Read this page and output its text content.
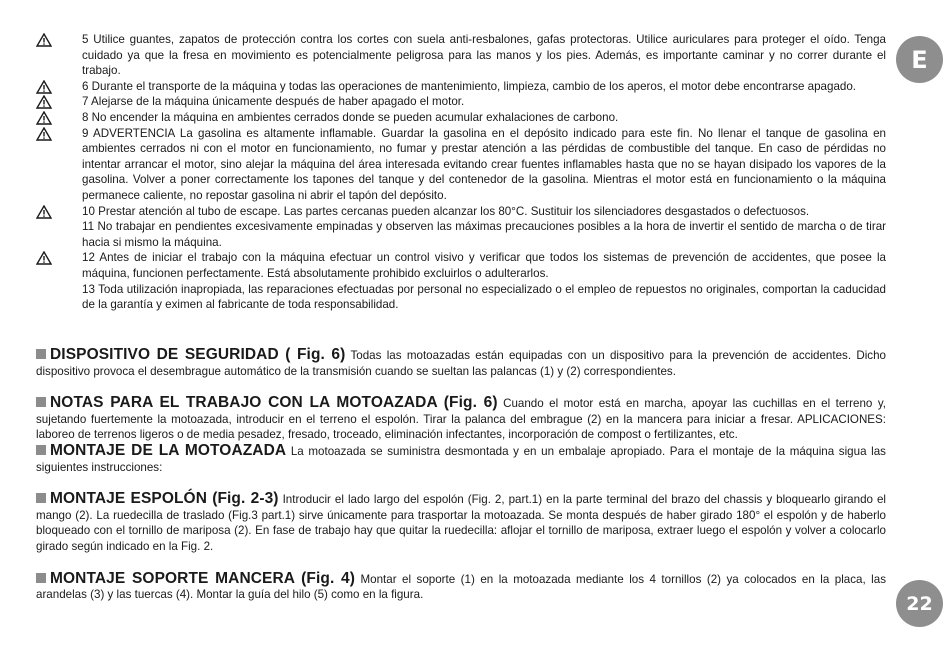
5 Utilice guantes, zapatos de protección contra los cortes con suela anti-resbalones, gafas protectoras. Utilice auriculares para proteger el oído. Tenga cuidado ya que la fresa en movimiento es potencialmente peligrosa para las manos y los pies. Además, es importante caminar y no correr durante el trabajo.
6 Durante el transporte de la máquina y todas las operaciones de mantenimiento, limpieza, cambio de los aperos, el motor debe encontrarse apagado.
7 Alejarse de la máquina únicamente después de haber apagado el motor.
8 No encender la máquina en ambientes cerrados donde se pueden acumular exhalaciones de carbono.
9 ADVERTENCIA La gasolina es altamente inflamable. Guardar la gasolina en el depósito indicado para este fin. No llenar el tanque de gasolina en ambientes cerrados ni con el motor en funcionamiento, no fumar y prestar atención a las pérdidas de combustible del tanque. En caso de pérdidas no intentar arrancar el motor, sino alejar la máquina del área interesada evitando crear fuentes inflamables hasta que no se hayan disipado los vapores de la gasolina. Volver a poner correctamente los tapones del tanque y del contenedor de la gasolina. Mientras el motor está en funcionamiento o la máquina permanece caliente, no repostar gasolina ni abrir el tapón del depósito.
10 Prestar atención al tubo de escape. Las partes cercanas pueden alcanzar los 80°C. Sustituir los silenciadores desgastados o defectuosos.
11 No trabajar en pendientes excesivamente empinadas y observen las máximas precauciones posibles a la hora de invertir el sentido de marcha o de tirar hacia si mismo la máquina.
12 Antes de iniciar el trabajo con la máquina efectuar un control visivo y verificar que todos los sistemas de prevención de accidentes, que posee la máquina, funcionen perfectamente. Está absolutamente prohibido excluirlos o adulterarlos.
13 Toda utilización inapropiada, las reparaciones efectuadas por personal no especializado o el empleo de repuestos no originales, comportan la caducidad de la garantía y eximen al fabricante de toda responsabilidad.
DISPOSITIVO DE SEGURIDAD ( Fig. 6) Todas las motoazadas están equipadas con un dispositivo para la prevención de accidentes. Dicho dispositivo provoca el desembrague automático de la transmisión cuando se sueltan las palancas (1) y (2) correspondientes.
NOTAS PARA EL TRABAJO CON LA MOTOAZADA (Fig. 6) Cuando el motor está en marcha, apoyar las cuchillas en el terreno y, sujetando fuertemente la motoazada, introducir en el terreno el espolón. Tirar la palanca del embrague (2) en la mancera para iniciar a fresar. APLICACIONES: laboreo de terrenos ligeros o de media pesadez, fresado, troceado, eliminación infectantes, incorporación de compost o fertilizantes, etc.
MONTAJE DE LA MOTOAZADA La motoazada se suministra desmontada y en un embalaje apropiado. Para el montaje de la máquina sigua las siguientes instrucciones:
MONTAJE ESPOLÓN (Fig. 2-3) Introducir el lado largo del espolón (Fig. 2, part.1) en la parte terminal del brazo del chassis y bloquearlo girando el mango (2). La ruedecilla de traslado (Fig.3 part.1) sirve únicamente para trasportar la motoazada. Se monta después de haber girado 180° el espolón y de haberlo bloqueado con el tornillo de mariposa (2). En fase de trabajo hay que quitar la ruedecilla: aflojar el tornillo de mariposa, extraer luego el espolón y volver a colocarlo girado según indicado en la Fig. 2.
MONTAJE SOPORTE MANCERA (Fig. 4) Montar el soporte (1) en la motoazada mediante los 4 tornillos (2) ya colocados en la placa, las arandelas (3) y las tuercas (4). Montar la guía del hilo (5) como en la figura.
E
22
